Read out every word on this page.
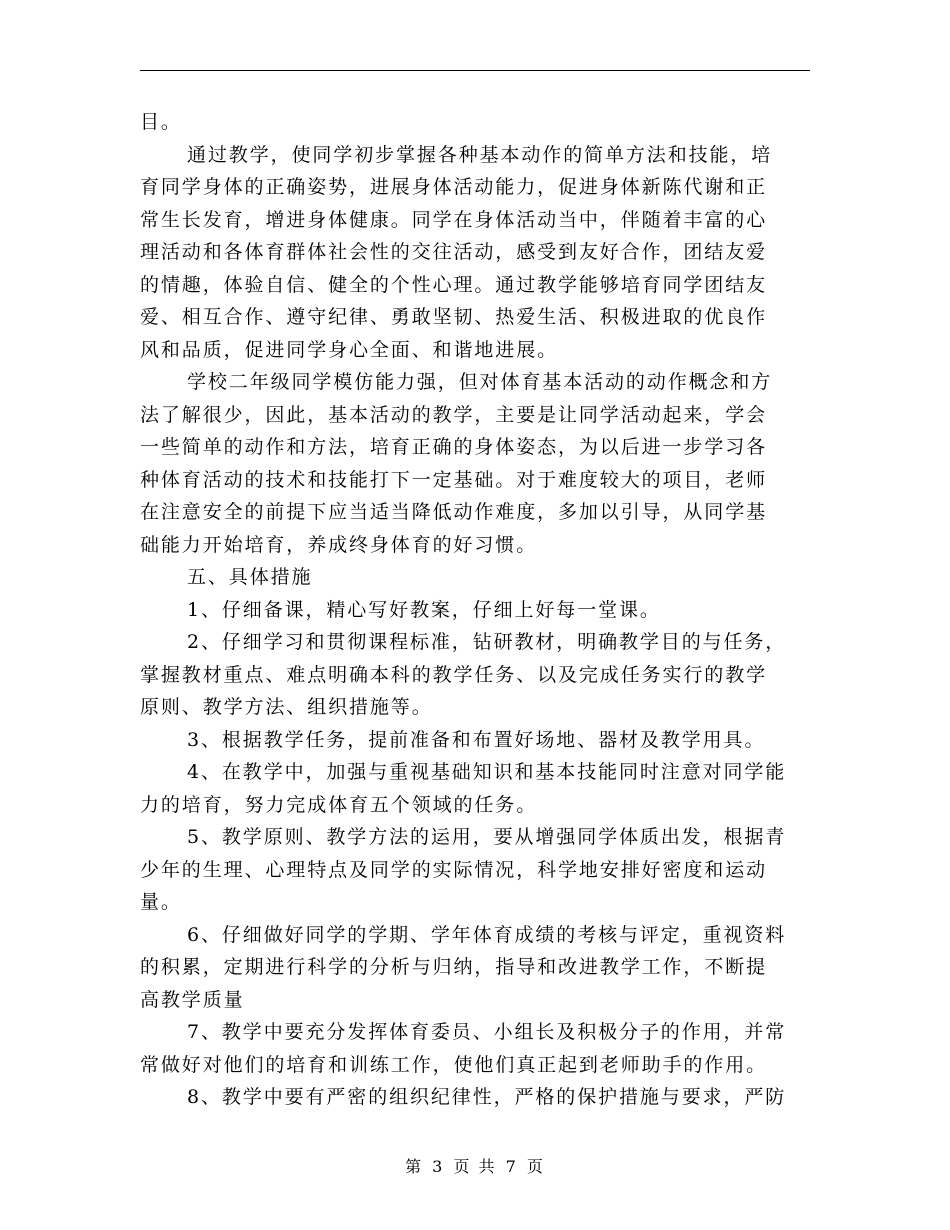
目。
通过教学，使同学初步掌握各种基本动作的简单方法和技能，培
育同学身体的正确姿势，进展身体活动能力，促进身体新陈代谢和正
常生长发育，增进身体健康。同学在身体活动当中，伴随着丰富的心
理活动和各体育群体社会性的交往活动，感受到友好合作，团结友爱
的情趣，体验自信、健全的个性心理。通过教学能够培育同学团结友
爱、相互合作、遵守纪律、勇敢坚韧、热爱生活、积极进取的优良作
风和品质，促进同学身心全面、和谐地进展。
学校二年级同学模仿能力强，但对体育基本活动的动作概念和方
法了解很少，因此，基本活动的教学，主要是让同学活动起来，学会
一些简单的动作和方法，培育正确的身体姿态，为以后进一步学习各
种体育活动的技术和技能打下一定基础。对于难度较大的项目，老师
在注意安全的前提下应当适当降低动作难度，多加以引导，从同学基
础能力开始培育，养成终身体育的好习惯。
五、具体措施
1、仔细备课，精心写好教案，仔细上好每一堂课。
2、仔细学习和贯彻课程标准，钻研教材，明确教学目的与任务，
掌握教材重点、难点明确本科的教学任务、以及完成任务实行的教学
原则、教学方法、组织措施等。
3、根据教学任务，提前准备和布置好场地、器材及教学用具。
4、在教学中，加强与重视基础知识和基本技能同时注意对同学能
力的培育，努力完成体育五个领域的任务。
5、教学原则、教学方法的运用，要从增强同学体质出发，根据青
少年的生理、心理特点及同学的实际情况，科学地安排好密度和运动
量。
6、仔细做好同学的学期、学年体育成绩的考核与评定，重视资料
的积累，定期进行科学的分析与归纳，指导和改进教学工作，不断提
高教学质量
7、教学中要充分发挥体育委员、小组长及积极分子的作用，并常
常做好对他们的培育和训练工作，使他们真正起到老师助手的作用。
8、教学中要有严密的组织纪律性，严格的保护措施与要求，严防
第 3 页 共 7 页
